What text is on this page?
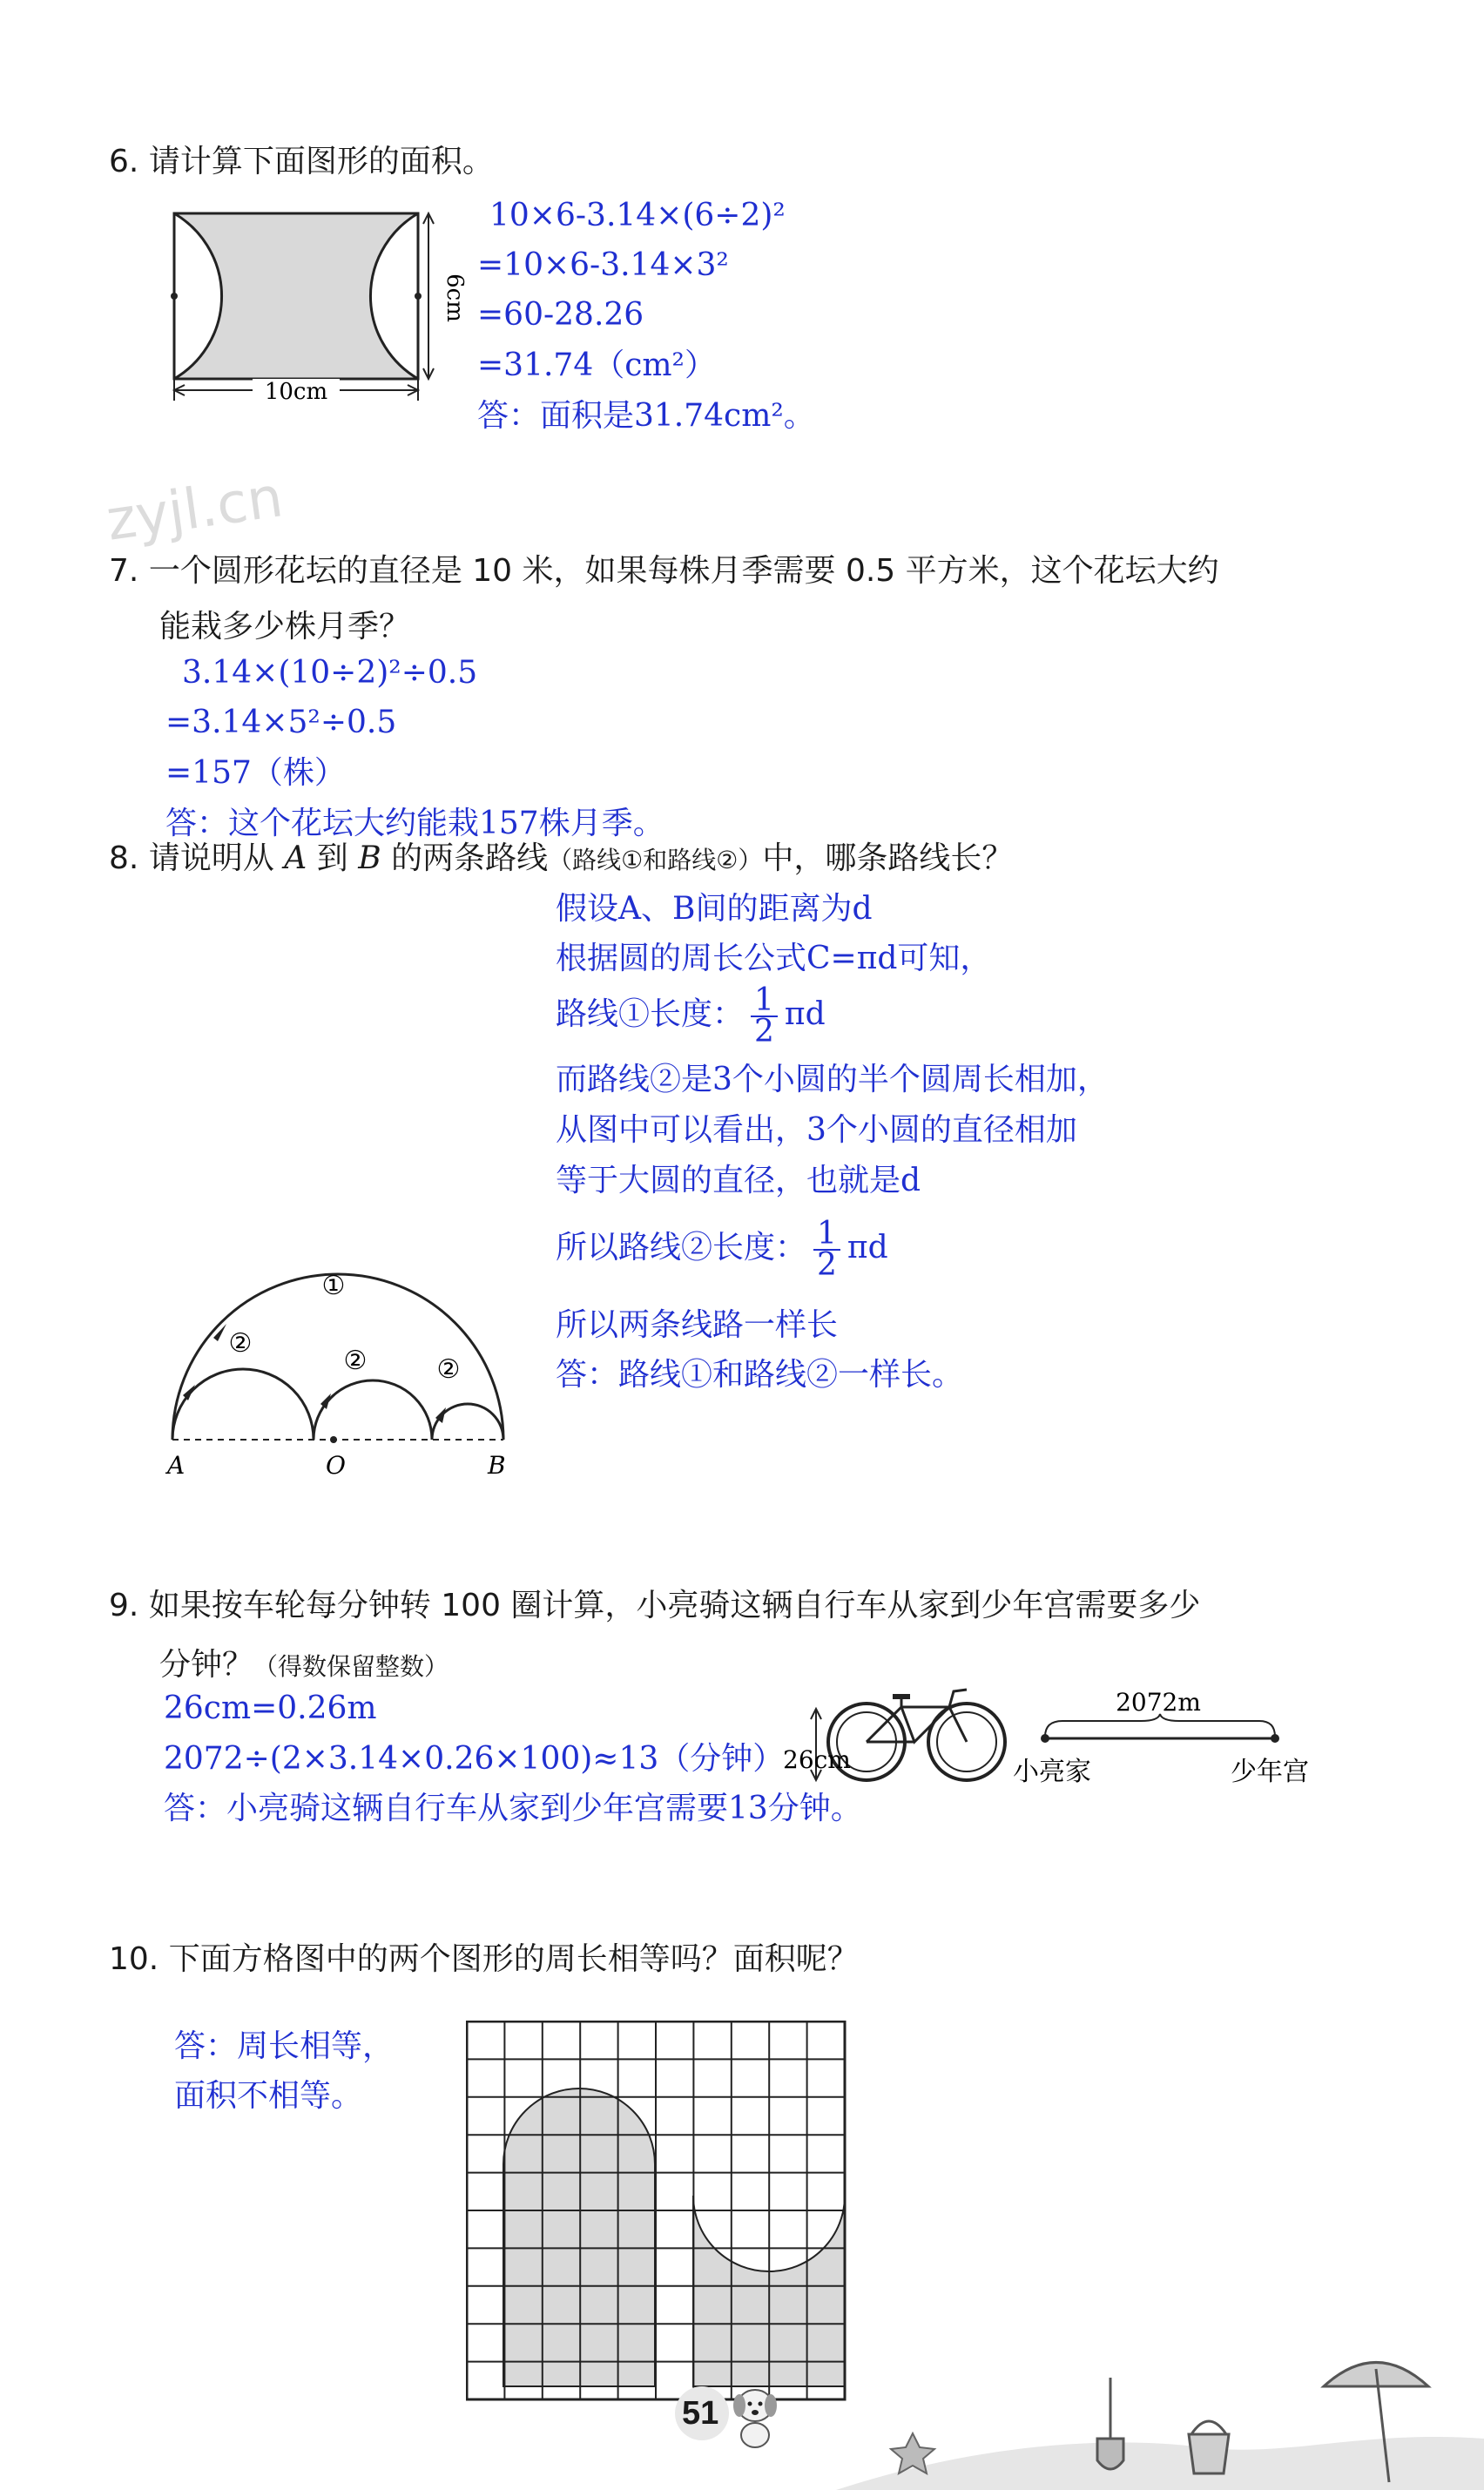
zyjl.cn
6. 请计算下面图形的面积。
6cm
10cm
10×6-3.14×(6÷2)²
=10×6-3.14×3²
=60-28.26
=31.74（cm²）
答：面积是31.74cm²。
7. 一个圆形花坛的直径是 10 米，如果每株月季需要 0.5 平方米，这个花坛大约
能栽多少株月季？
3.14×(10÷2)²÷0.5
=3.14×5²÷0.5
=157（株）
答：这个花坛大约能栽157株月季。
8. 请说明从 A 到 B 的两条路线（路线①和路线②）中，哪条路线长？
假设A、B间的距离为d
根据圆的周长公式C=πd可知，
路线①长度： $\frac{1}{2}$ πd
而路线②是3个小圆的半个圆周长相加，
从图中可以看出，3个小圆的直径相加
等于大圆的直径，也就是d
所以路线②长度： $\frac{1}{2}$ πd
所以两条线路一样长
答：路线①和路线②一样长。
①
②
②	②
A	O	B
9. 如果按车轮每分钟转 100 圈计算，小亮骑这辆自行车从家到少年宫需要多少
分钟？（得数保留整数）
26cm=0.26m
2072÷(2×3.14×0.26×100)≈13（分钟）
答：小亮骑这辆自行车从家到少年宫需要13分钟。
26cm
2072m
小亮家	少年宫
10. 下面方格图中的两个图形的周长相等吗？面积呢？
答：周长相等，
面积不相等。
51
